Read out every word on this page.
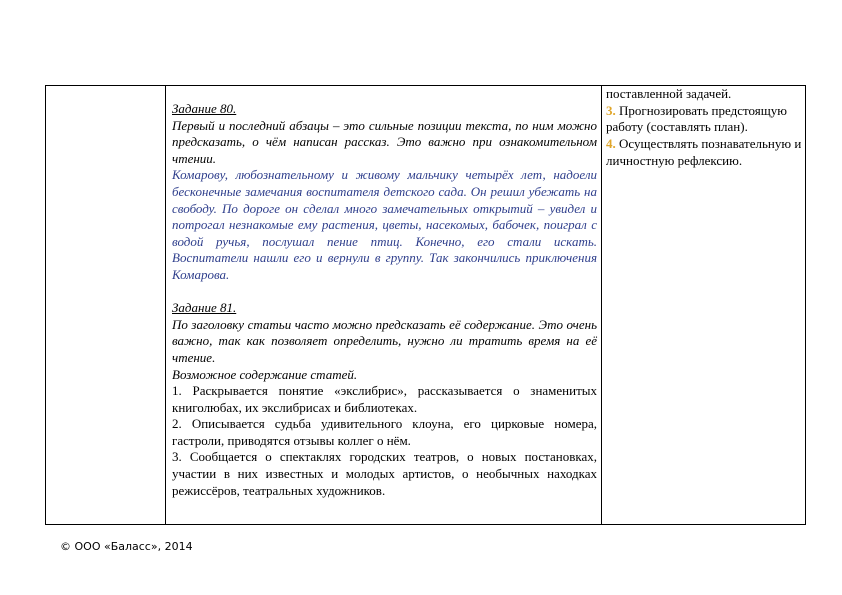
Задание 80.

Первый и последний абзацы – это сильные позиции текста, по ним можно предсказать, о чём написан рассказ. Это важно при ознакомительном чтении.

Комарову, любознательному и живому мальчику четырёх лет, надоели бесконечные замечания воспитателя детского сада. Он решил убежать на свободу. По дороге он сделал много замечательных открытий – увидел и потрогал незнакомые ему растения, цветы, насекомых, бабочек, поиграл с водой ручья, послушал пение птиц. Конечно, его стали искать. Воспитатели нашли его и вернули в группу. Так закончились приключения Комарова.

Задание 81.

По заголовку статьи часто можно предсказать её содержание. Это очень важно, так как позволяет определить, нужно ли тратить время на её чтение.

Возможное содержание статей.

1. Раскрывается понятие «экслибрис», рассказывается о знаменитых книголюбах, их экслибрисах и библиотеках.

2. Описывается судьба удивительного клоуна, его цирковые номера, гастроли, приводятся отзывы коллег о нём.

3. Сообщается о спектаклях городских театров, о новых постановках, участии в них известных и молодых артистов, о необычных находках режиссёров, театральных художников.

поставленной задачей.

3. Прогнозировать предстоящую работу (составлять план).

4. Осуществлять познавательную и личностную рефлексию.

© ООО «Баласс», 2014
